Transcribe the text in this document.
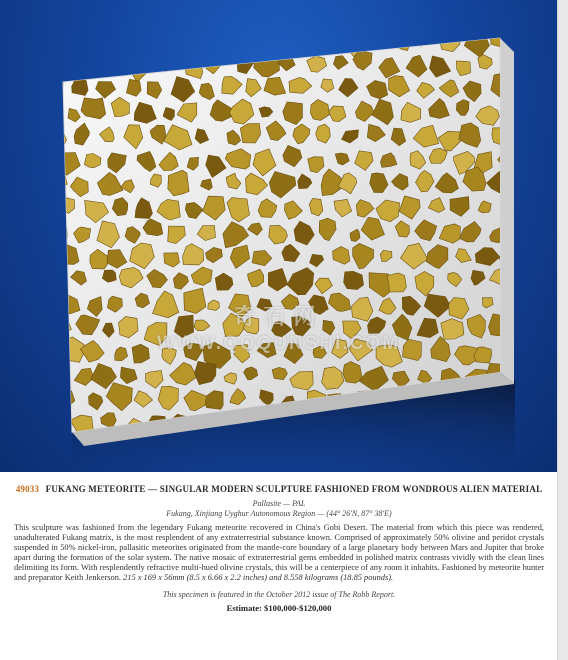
奇石网
WWW.QQQUNSHI.COM
49033 FUKANG METEORITE — SINGULAR MODERN SCULPTURE FASHIONED FROM WONDROUS ALIEN MATERIAL
Pallasite — PAL
Fukang, Xinjiang Uyghur Autonomous Region — (44° 26'N, 87° 38'E)
This sculpture was fashioned from the legendary Fukang meteorite recovered in China's Gobi Desert. The material from which this piece was rendered, unadulterated Fukang matrix, is the most resplendent of any extraterrestrial substance known. Comprised of approximately 50% olivine and peridot crystals suspended in 50% nickel-iron, pallasitic meteorites originated from the mantle-core boundary of a large planetary body between Mars and Jupiter that broke apart during the formation of the solar system. The native mosaic of extraterrestrial gems embedded in polished matrix contrasts vividly with the clean lines delimiting its form. With resplendently refractive multi-hued olivine crystals, this will be a centerpiece of any room it inhabits. Fashioned by meteorite hunter and preparator Keith Jenkerson. 215 x 169 x 56mm (8.5 x 6.66 x 2.2 inches) and 8.558 kilograms (18.85 pounds).
This specimen is featured in the October 2012 issue of The Robb Report.
Estimate: $100,000-$120,000
